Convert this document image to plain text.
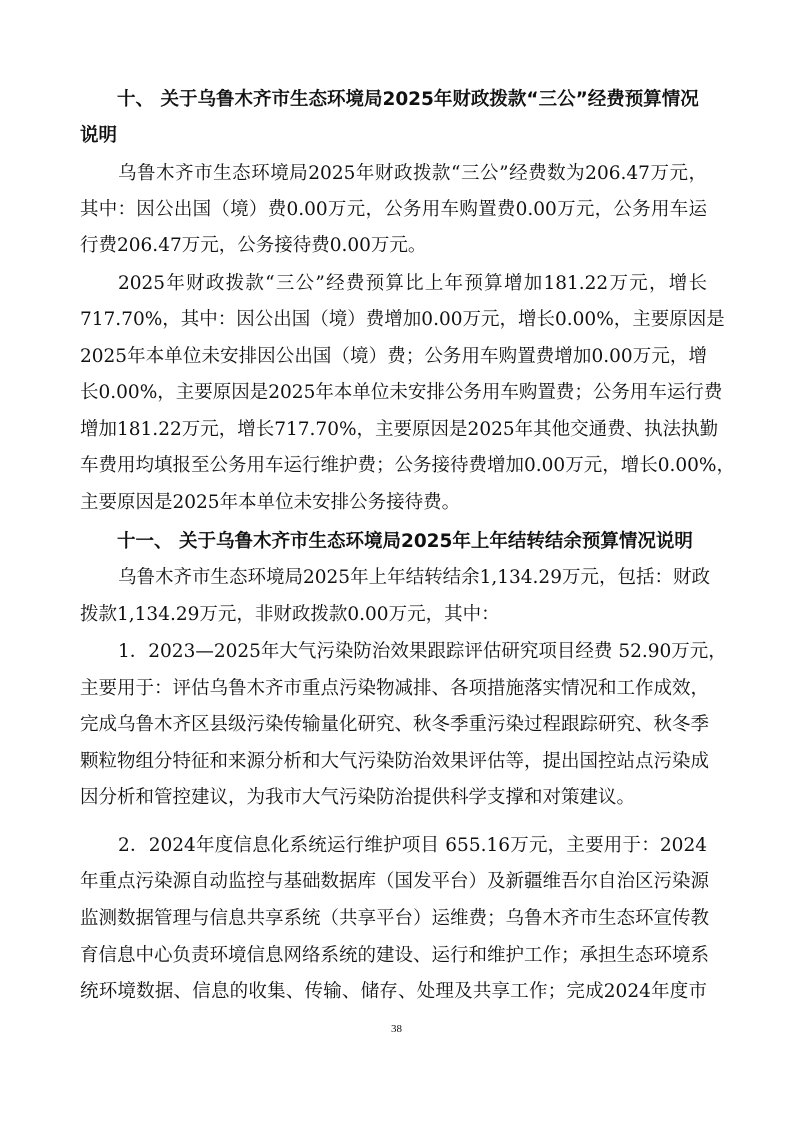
十、 关于乌鲁木齐市生态环境局2025年财政拨款“三公”经费预算情况
说明
乌鲁木齐市生态环境局2025年财政拨款“三公”经费数为206.47万元，
其中：因公出国（境）费0.00万元，公务用车购置费0.00万元，公务用车运
行费206.47万元，公务接待费0.00万元。
2025年财政拨款“三公”经费预算比上年预算增加181.22万元，增长
717.70%，其中：因公出国（境）费增加0.00万元，增长0.00%，主要原因是
2025年本单位未安排因公出国（境）费；公务用车购置费增加0.00万元，增
长0.00%，主要原因是2025年本单位未安排公务用车购置费；公务用车运行费
增加181.22万元，增长717.70%，主要原因是2025年其他交通费、执法执勤
车费用均填报至公务用车运行维护费；公务接待费增加0.00万元，增长0.00%，
主要原因是2025年本单位未安排公务接待费。
十一、 关于乌鲁木齐市生态环境局2025年上年结转结余预算情况说明
乌鲁木齐市生态环境局2025年上年结转结余1,134.29万元，包括：财政
拨款1,134.29万元，非财政拨款0.00万元，其中：
1．2023—2025年大气污染防治效果跟踪评估研究项目经费 52.90万元，
主要用于：评估乌鲁木齐市重点污染物减排、各项措施落实情况和工作成效，
完成乌鲁木齐区县级污染传输量化研究、秋冬季重污染过程跟踪研究、秋冬季
颗粒物组分特征和来源分析和大气污染防治效果评估等，提出国控站点污染成
因分析和管控建议，为我市大气污染防治提供科学支撑和对策建议。
2．2024年度信息化系统运行维护项目 655.16万元，主要用于：2024
年重点污染源自动监控与基础数据库（国发平台）及新疆维吾尔自治区污染源
监测数据管理与信息共享系统（共享平台）运维费；乌鲁木齐市生态环宣传教
育信息中心负责环境信息网络系统的建设、运行和维护工作；承担生态环境系
统环境数据、信息的收集、传输、储存、处理及共享工作；完成2024年度市
38
